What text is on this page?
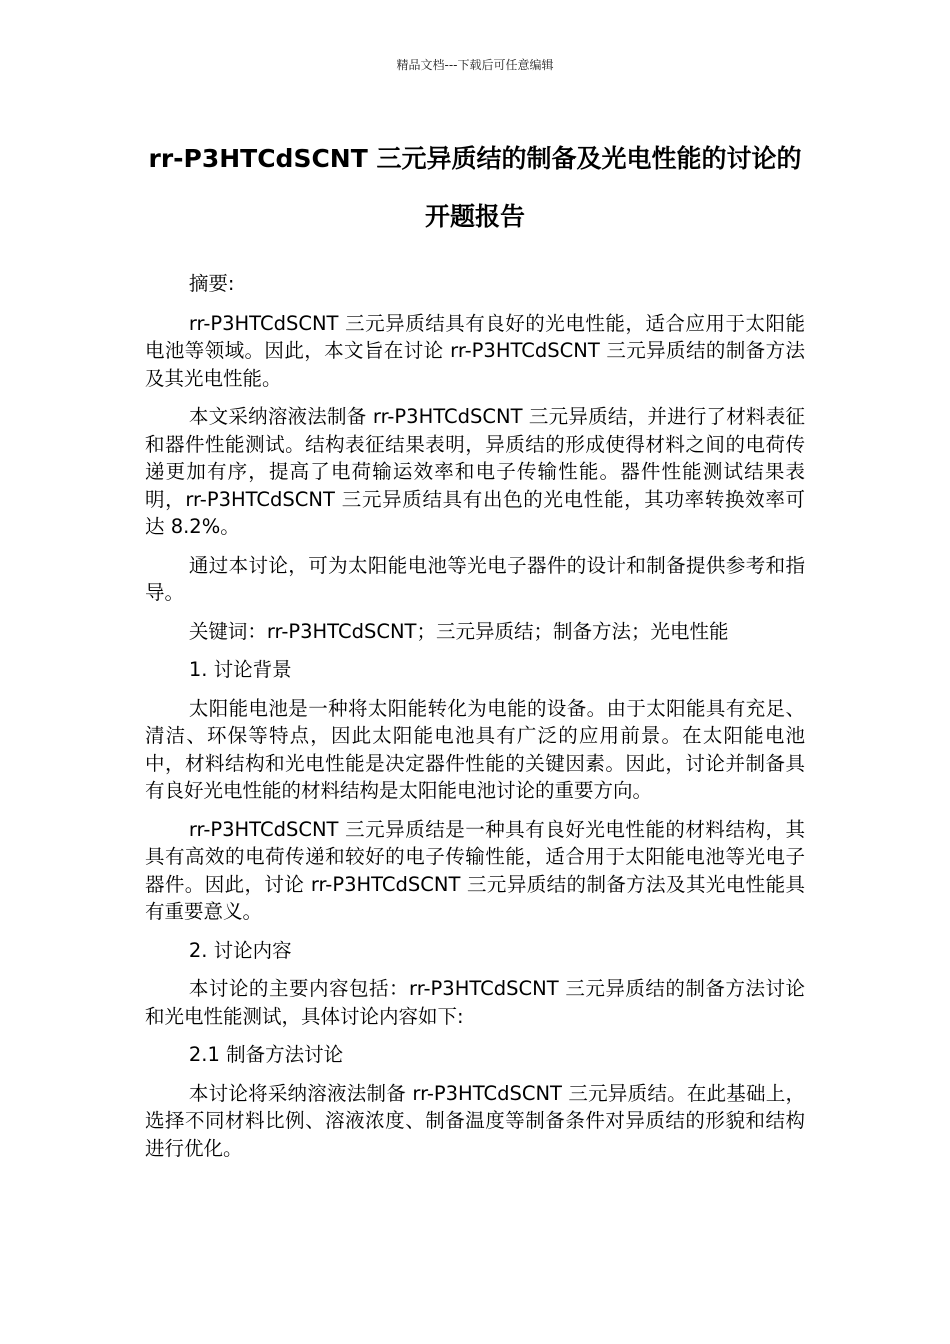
精品文档---下载后可任意编辑
rr-P3HTCdSCNT 三元异质结的制备及光电性能的讨论的开题报告

摘要:

rr-P3HTCdSCNT 三元异质结具有良好的光电性能，适合应用于太阳能电池等领域。因此，本文旨在讨论 rr-P3HTCdSCNT 三元异质结的制备方法及其光电性能。

本文采纳溶液法制备 rr-P3HTCdSCNT 三元异质结，并进行了材料表征和器件性能测试。结构表征结果表明，异质结的形成使得材料之间的电荷传递更加有序，提高了电荷输运效率和电子传输性能。器件性能测试结果表明，rr-P3HTCdSCNT 三元异质结具有出色的光电性能，其功率转换效率可达 8.2%。

通过本讨论，可为太阳能电池等光电子器件的设计和制备提供参考和指导。

关键词：rr-P3HTCdSCNT；三元异质结；制备方法；光电性能

1. 讨论背景

太阳能电池是一种将太阳能转化为电能的设备。由于太阳能具有充足、清洁、环保等特点，因此太阳能电池具有广泛的应用前景。在太阳能电池中，材料结构和光电性能是决定器件性能的关键因素。因此，讨论并制备具有良好光电性能的材料结构是太阳能电池讨论的重要方向。

rr-P3HTCdSCNT 三元异质结是一种具有良好光电性能的材料结构，其具有高效的电荷传递和较好的电子传输性能，适合用于太阳能电池等光电子器件。因此，讨论 rr-P3HTCdSCNT 三元异质结的制备方法及其光电性能具有重要意义。

2. 讨论内容

本讨论的主要内容包括：rr-P3HTCdSCNT 三元异质结的制备方法讨论和光电性能测试，具体讨论内容如下:

2.1 制备方法讨论

本讨论将采纳溶液法制备 rr-P3HTCdSCNT 三元异质结。在此基础上，选择不同材料比例、溶液浓度、制备温度等制备条件对异质结的形貌和结构进行优化。
